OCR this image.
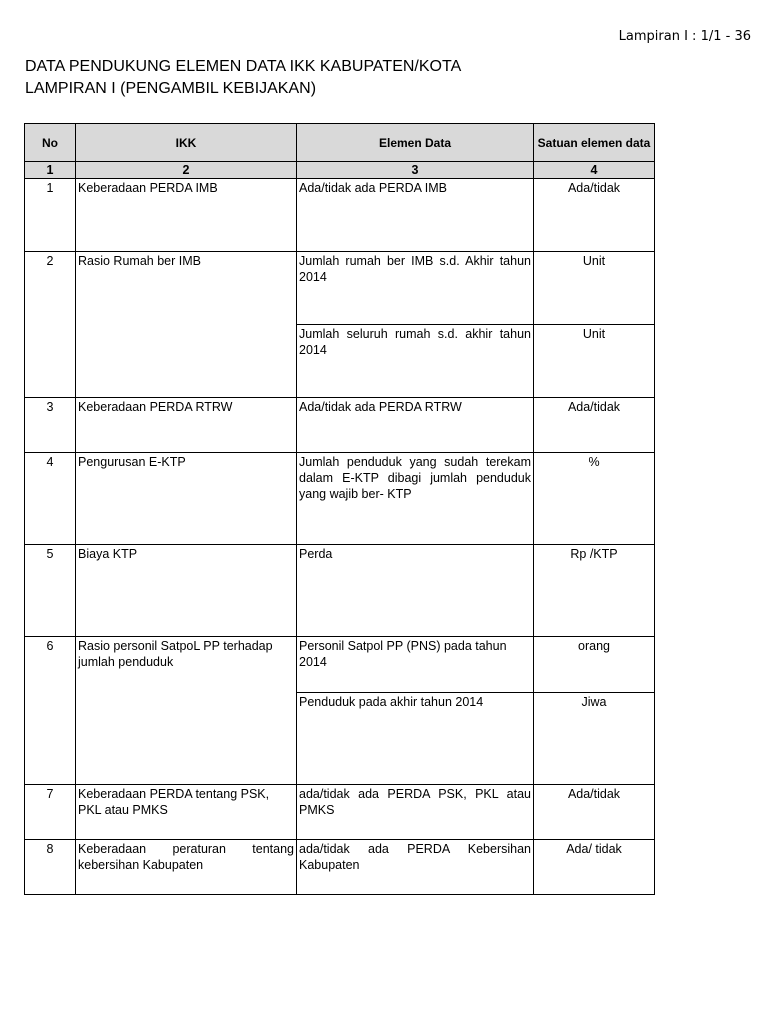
Lampiran I : 1/1 - 36
DATA PENDUKUNG ELEMEN DATA IKK KABUPATEN/KOTA
LAMPIRAN I (PENGAMBIL KEBIJAKAN)
No	IKK	Elemen Data	Satuan elemen data
1	2	3	4
1	Keberadaan PERDA IMB	Ada/tidak ada PERDA IMB	Ada/tidak
2	Rasio Rumah ber IMB	Jumlah rumah ber IMB s.d. Akhir tahun 2014	Unit
		Jumlah seluruh rumah s.d. akhir tahun 2014	Unit
3	Keberadaan PERDA RTRW	Ada/tidak ada PERDA RTRW	Ada/tidak
4	Pengurusan E-KTP	Jumlah penduduk yang sudah terekam dalam E-KTP dibagi jumlah penduduk yang wajib ber- KTP	%
5	Biaya KTP	Perda	Rp /KTP
6	Rasio personil SatpoL PP terhadap jumlah penduduk	Personil Satpol PP (PNS) pada tahun 2014	orang
		Penduduk pada akhir tahun 2014	Jiwa
7	Keberadaan PERDA tentang PSK, PKL atau PMKS	ada/tidak ada PERDA PSK, PKL atau PMKS	Ada/tidak
8	Keberadaan peraturan tentang kebersihan Kabupaten	ada/tidak ada PERDA Kebersihan Kabupaten	Ada/ tidak
